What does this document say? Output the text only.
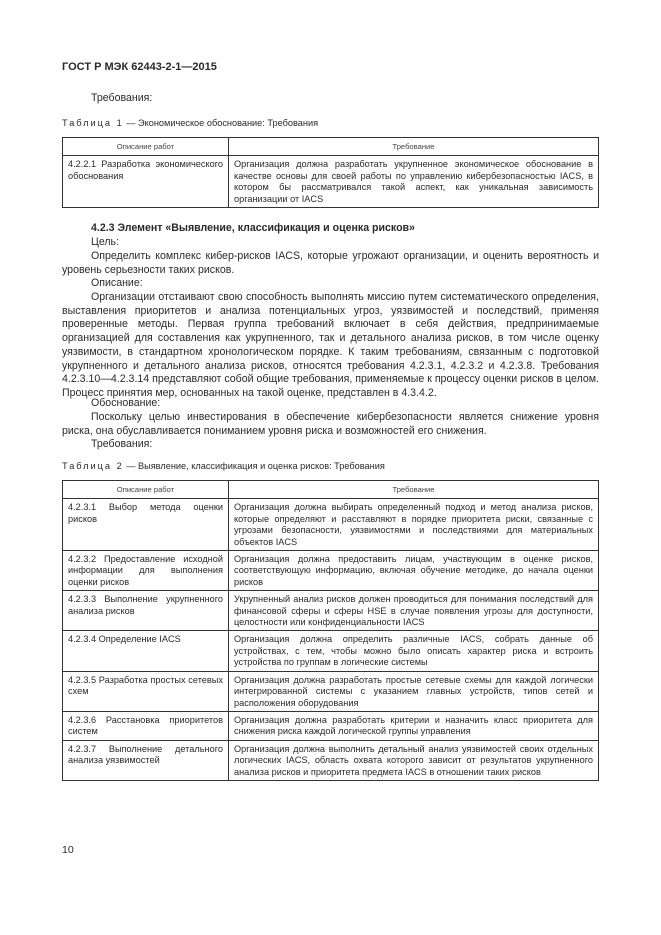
ГОСТ Р МЭК 62443-2-1—2015
Требования:
Таблица 1 — Экономическое обоснование: Требования
Описание работ	Требование
4.2.2.1 Разработка экономического обоснования	Организация должна разработать укрупненное экономическое обоснование в качестве основы для своей работы по управлению кибербезопасностью IACS, в котором бы рассматривался такой аспект, как уникальная зависимость организации от IACS
4.2.3 Элемент «Выявление, классификация и оценка рисков»
Цель:
Определить комплекс кибер-рисков IACS, которые угрожают организации, и оценить вероятность и уровень серьезности таких рисков.
Описание:
Организации отстаивают свою способность выполнять миссию путем систематического определения, выставления приоритетов и анализа потенциальных угроз, уязвимостей и последствий, применяя проверенные методы. Первая группа требований включает в себя действия, предпринимаемые организацией для составления как укрупненного, так и детального анализа рисков, в том числе оценку уязвимости, в стандартном хронологическом порядке. К таким требованиям, связанным с подготовкой укрупненного и детального анализа рисков, относятся требования 4.2.3.1, 4.2.3.2 и 4.2.3.8. Требования 4.2.3.10—4.2.3.14 представляют собой общие требования, применяемые к процессу оценки рисков в целом. Процесс принятия мер, основанных на такой оценке, представлен в 4.3.4.2.
Обоснование:
Поскольку целью инвестирования в обеспечение кибербезопасности является снижение уровня риска, она обуславливается пониманием уровня риска и возможностей его снижения.
Требования:
Таблица 2 — Выявление, классификация и оценка рисков: Требования
Описание работ	Требование
4.2.3.1 Выбор метода оценки рисков	Организация должна выбирать определенный подход и метод анализа рисков, которые определяют и расставляют в порядке приоритета риски, связанные с угрозами безопасности, уязвимостями и последствиями для материальных объектов IACS
4.2.3.2 Предоставление исходной информации для выполнения оценки рисков	Организация должна предоставить лицам, участвующим в оценке рисков, соответствующую информацию, включая обучение методике, до начала оценки рисков
4.2.3.3 Выполнение укрупненного анализа рисков	Укрупненный анализ рисков должен проводиться для понимания последствий для финансовой сферы и сферы HSE в случае появления угрозы для доступности, целостности или конфиденциальности IACS
4.2.3.4 Определение IACS	Организация должна определить различные IACS, собрать данные об устройствах, с тем, чтобы можно было описать характер риска и встроить устройства по группам в логические системы
4.2.3.5 Разработка простых сетевых схем	Организация должна разработать простые сетевые схемы для каждой логически интегрированной системы с указанием главных устройств, типов сетей и расположения оборудования
4.2.3.6 Расстановка приоритетов систем	Организация должна разработать критерии и назначить класс приоритета для снижения риска каждой логической группы управления
4.2.3.7 Выполнение детального анализа уязвимостей	Организация должна выполнить детальный анализ уязвимостей своих отдельных логических IACS, область охвата которого зависит от результатов укрупненного анализа рисков и приоритета предмета IACS в отношении таких рисков
10
